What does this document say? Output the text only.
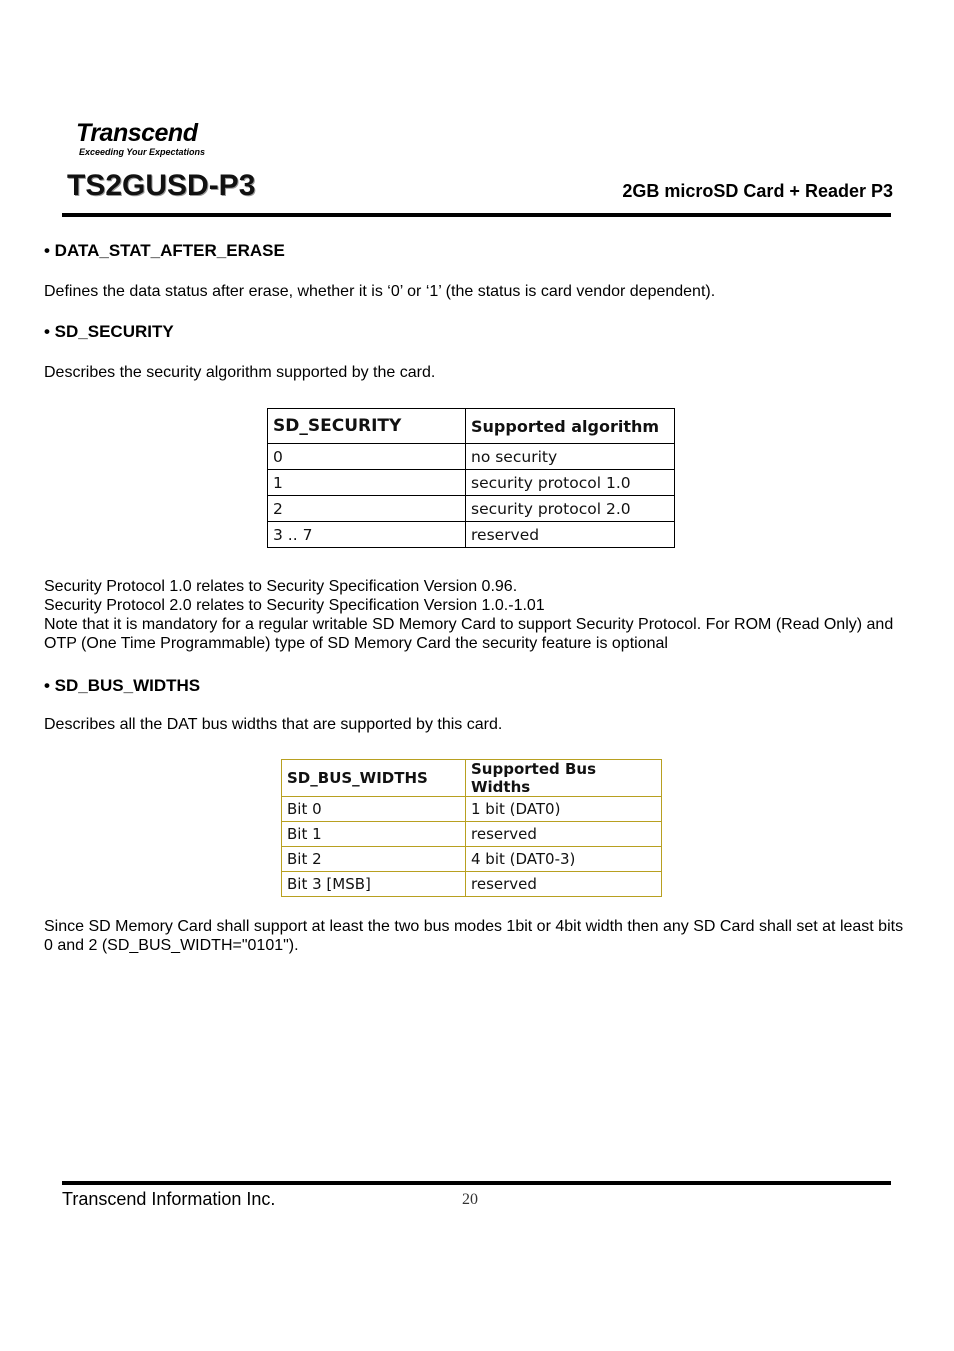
Transcend
Exceeding Your Expectations
TS2GUSD-P3	2GB microSD Card + Reader P3
• DATA_STAT_AFTER_ERASE
Defines the data status after erase, whether it is ‘0’ or ‘1’ (the status is card vendor dependent).
• SD_SECURITY
Describes the security algorithm supported by the card.
SD_SECURITY	Supported algorithm
0	no security
1	security protocol 1.0
2	security protocol 2.0
3 .. 7	reserved
Security Protocol 1.0 relates to Security Specification Version 0.96.
Security Protocol 2.0 relates to Security Specification Version 1.0.-1.01
Note that it is mandatory for a regular writable SD Memory Card to support Security Protocol. For ROM (Read Only) and OTP (One Time Programmable) type of SD Memory Card the security feature is optional
• SD_BUS_WIDTHS
Describes all the DAT bus widths that are supported by this card.
SD_BUS_WIDTHS	Supported Bus Widths
Bit 0	1 bit (DAT0)
Bit 1	reserved
Bit 2	4 bit (DAT0-3)
Bit 3 [MSB]	reserved
Since SD Memory Card shall support at least the two bus modes 1bit or 4bit width then any SD Card shall set at least bits 0 and 2 (SD_BUS_WIDTH="0101").
Transcend Information Inc.	20
